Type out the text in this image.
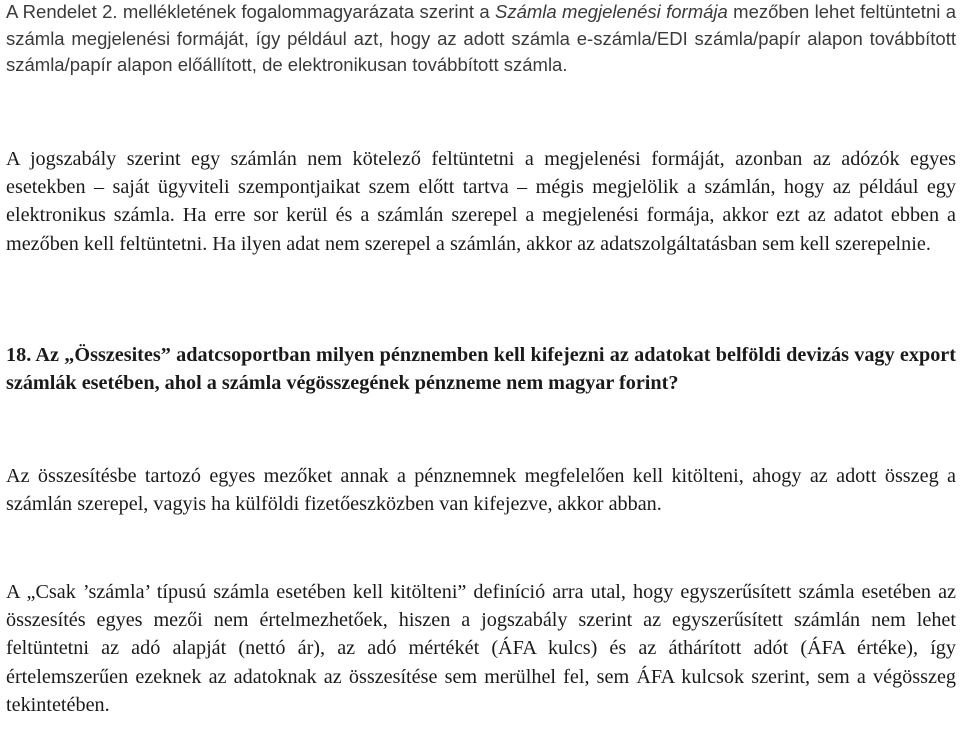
A Rendelet 2. mellékletének fogalommagyarázata szerint a Számla megjelenési formája mezőben lehet feltüntetni a számla megjelenési formáját, így például azt, hogy az adott számla e-számla/EDI számla/papír alapon továbbított számla/papír alapon előállított, de elektronikusan továbbított számla.

A jogszabály szerint egy számlán nem kötelező feltüntetni a megjelenési formáját, azonban az adózók egyes esetekben – saját ügyviteli szempontjaikat szem előtt tartva – mégis megjelölik a számlán, hogy az például egy elektronikus számla. Ha erre sor kerül és a számlán szerepel a megjelenési formája, akkor ezt az adatot ebben a mezőben kell feltüntetni. Ha ilyen adat nem szerepel a számlán, akkor az adatszolgáltatásban sem kell szerepelnie.

18. Az „Összesites” adatcsoportban milyen pénznemben kell kifejezni az adatokat belföldi devizás vagy export számlák esetében, ahol a számla végösszegének pénzneme nem magyar forint?

Az összesítésbe tartozó egyes mezőket annak a pénznemnek megfelelően kell kitölteni, ahogy az adott összeg a számlán szerepel, vagyis ha külföldi fizetőeszközben van kifejezve, akkor abban.

A „Csak ’számla’ típusú számla esetében kell kitölteni” definíció arra utal, hogy egyszerűsített számla esetében az összesítés egyes mezői nem értelmezhetőek, hiszen a jogszabály szerint az egyszerűsített számlán nem lehet feltüntetni az adó alapját (nettó ár), az adó mértékét (ÁFA kulcs) és az áthárított adót (ÁFA értéke), így értelemszerűen ezeknek az adatoknak az összesítése sem merülhel fel, sem ÁFA kulcsok szerint, sem a végösszeg tekintetében.
